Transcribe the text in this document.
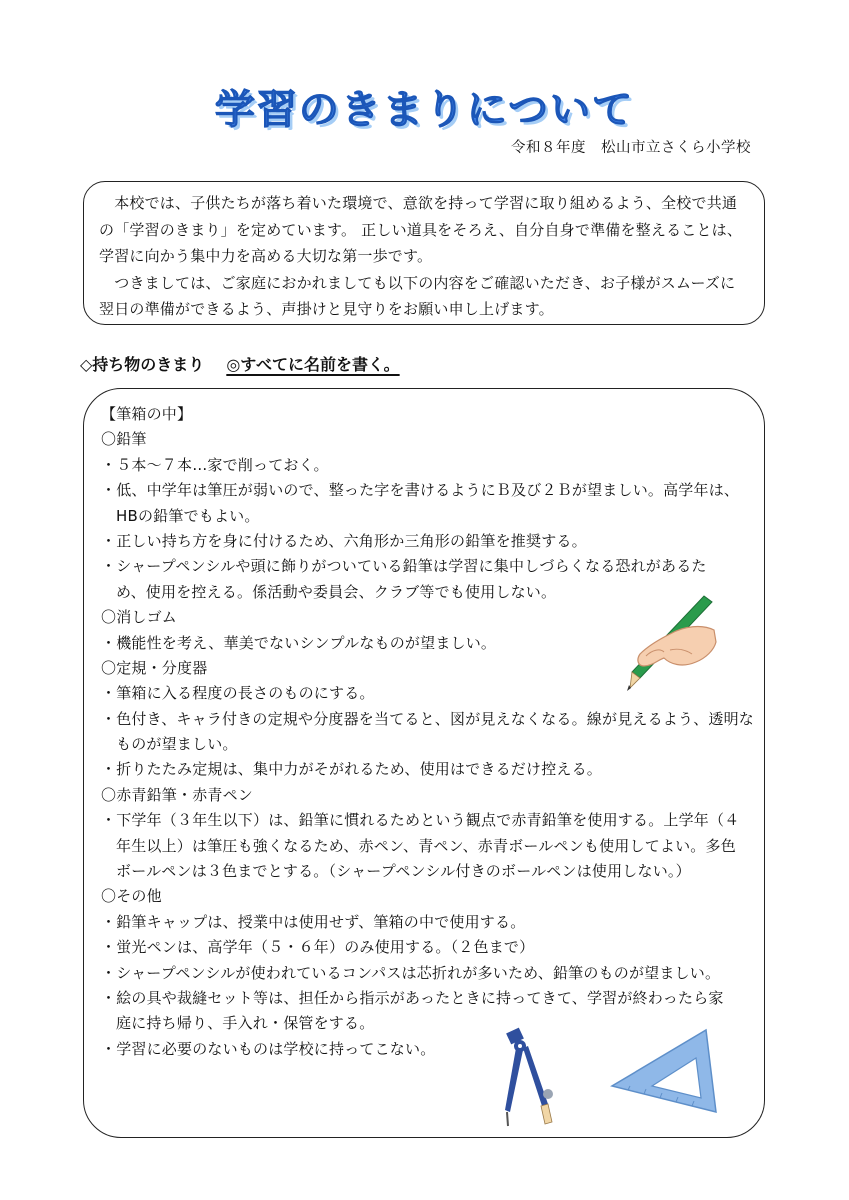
学習のきまりについて
令和８年度　松山市立さくら小学校

　本校では、子供たちが落ち着いた環境で、意欲を持って学習に取り組めるよう、全校で共通

の「学習のきまり」を定めています。 正しい道具をそろえ、自分自身で準備を整えることは、

学習に向かう集中力を高める大切な第一歩です。

　つきましては、ご家庭におかれましても以下の内容をご確認いただき、お子様がスムーズに

翌日の準備ができるよう、声掛けと見守りをお願い申し上げます。

◇持ち物のきまり ◎すべてに名前を書く。
【筆箱の中】
〇鉛筆
・５本～７本…家で削っておく。
・低、中学年は筆圧が弱いので、整った字を書けるようにＢ及び２Ｂが望ましい。高学年は、
HBの鉛筆でもよい。
・正しい持ち方を身に付けるため、六角形か三角形の鉛筆を推奨する。
・シャープペンシルや頭に飾りがついている鉛筆は学習に集中しづらくなる恐れがあるた
め、使用を控える。係活動や委員会、クラブ等でも使用しない。
〇消しゴム
・機能性を考え、華美でないシンプルなものが望ましい。
〇定規・分度器
・筆箱に入る程度の長さのものにする。
・色付き、キャラ付きの定規や分度器を当てると、図が見えなくなる。線が見えるよう、透明な
ものが望ましい。
・折りたたみ定規は、集中力がそがれるため、使用はできるだけ控える。
〇赤青鉛筆・赤青ペン
・下学年（３年生以下）は、鉛筆に慣れるためという観点で赤青鉛筆を使用する。上学年（４
年生以上）は筆圧も強くなるため、赤ペン、青ペン、赤青ボールペンも使用してよい。多色
ボールペンは３色までとする。（シャープペンシル付きのボールペンは使用しない。）
〇その他
・鉛筆キャップは、授業中は使用せず、筆箱の中で使用する。
・蛍光ペンは、高学年（５・６年）のみ使用する。（２色まで）
・シャープペンシルが使われているコンパスは芯折れが多いため、鉛筆のものが望ましい。
・絵の具や裁縫セット等は、担任から指示があったときに持ってきて、学習が終わったら家
庭に持ち帰り、手入れ・保管をする。
・学習に必要のないものは学校に持ってこない。
